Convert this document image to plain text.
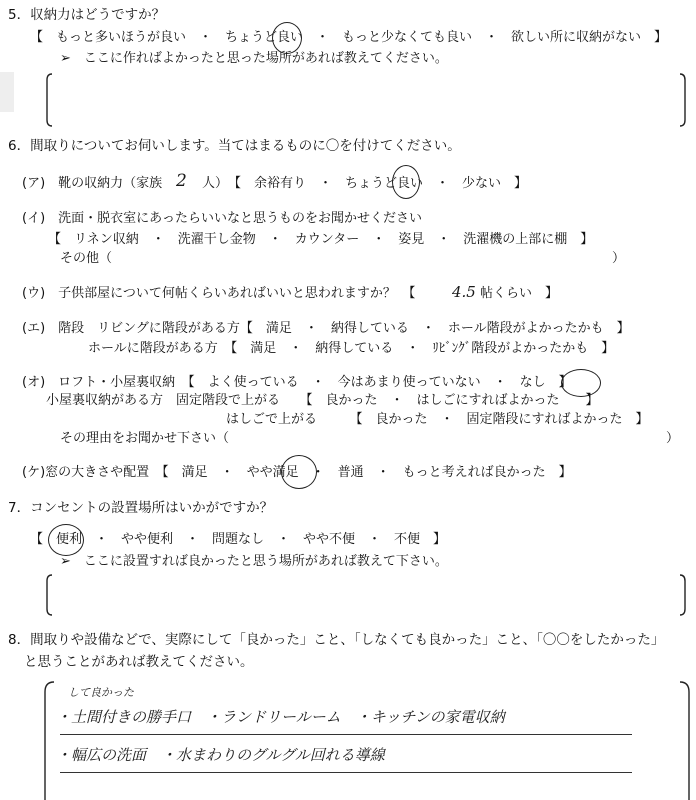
5．収納力はどうですか？
【　もっと多いほうが良い　・　ちょうど良い　・　もっと少なくても良い　・　欲しい所に収納がない　】
➢　ここに作ればよかったと思った場所があれば教えてください。
6．間取りについてお伺いします。当てはまるものに〇を付けてください。
(ア)　靴の収納力（家族 2 人）　【　余裕有り　・　ちょうど良い　・　少ない　】
(イ)　洗面・脱衣室にあったらいいなと思うものをお聞かせください
【　リネン収納　・　洗濯干し金物　・　カウンター　・　姿見　・　洗濯機の上部に棚　】
その他（	）
(ウ)　子供部屋について何帖くらいあればいいと思われますか？　【 4.5 帖くらい　】
(エ)　階段　リビングに階段がある方【　満足　・　納得している　・　ホール階段がよかったかも　】
ホールに階段がある方　【　満足　・　納得している　・　ﾘﾋﾞﾝｸﾞ階段がよかったかも　】
(オ)　ロフト・小屋裏収納　【　よく使っている　・　今はあまり使っていない　・　なし　】
小屋裏収納がある方　固定階段で上がる　　【　良かった　・　はしごにすればよかった　　】
はしごで上がる　　　【　良かった　・　固定階段にすればよかった　】
その理由をお聞かせ下さい（	）
(ケ)窓の大きさや配置　【　満足　・　やや満足　・　普通　・　もっと考えれば良かった　】
7．コンセントの設置場所はいかがですか？
【　便利　・　やや便利　・　問題なし　・　やや不便　・　不便　】
➢　ここに設置すれば良かったと思う場所があれば教えて下さい。
8．間取りや設備などで、実際にして「良かった」こと、「しなくても良かった」こと、「〇〇をしたかった」
と思うことがあれば教えてください。
して良かった
・土間付きの勝手口　・ランドリールーム　・キッチンの家電収納
・幅広の洗面　・水まわりのグルグル回れる導線
